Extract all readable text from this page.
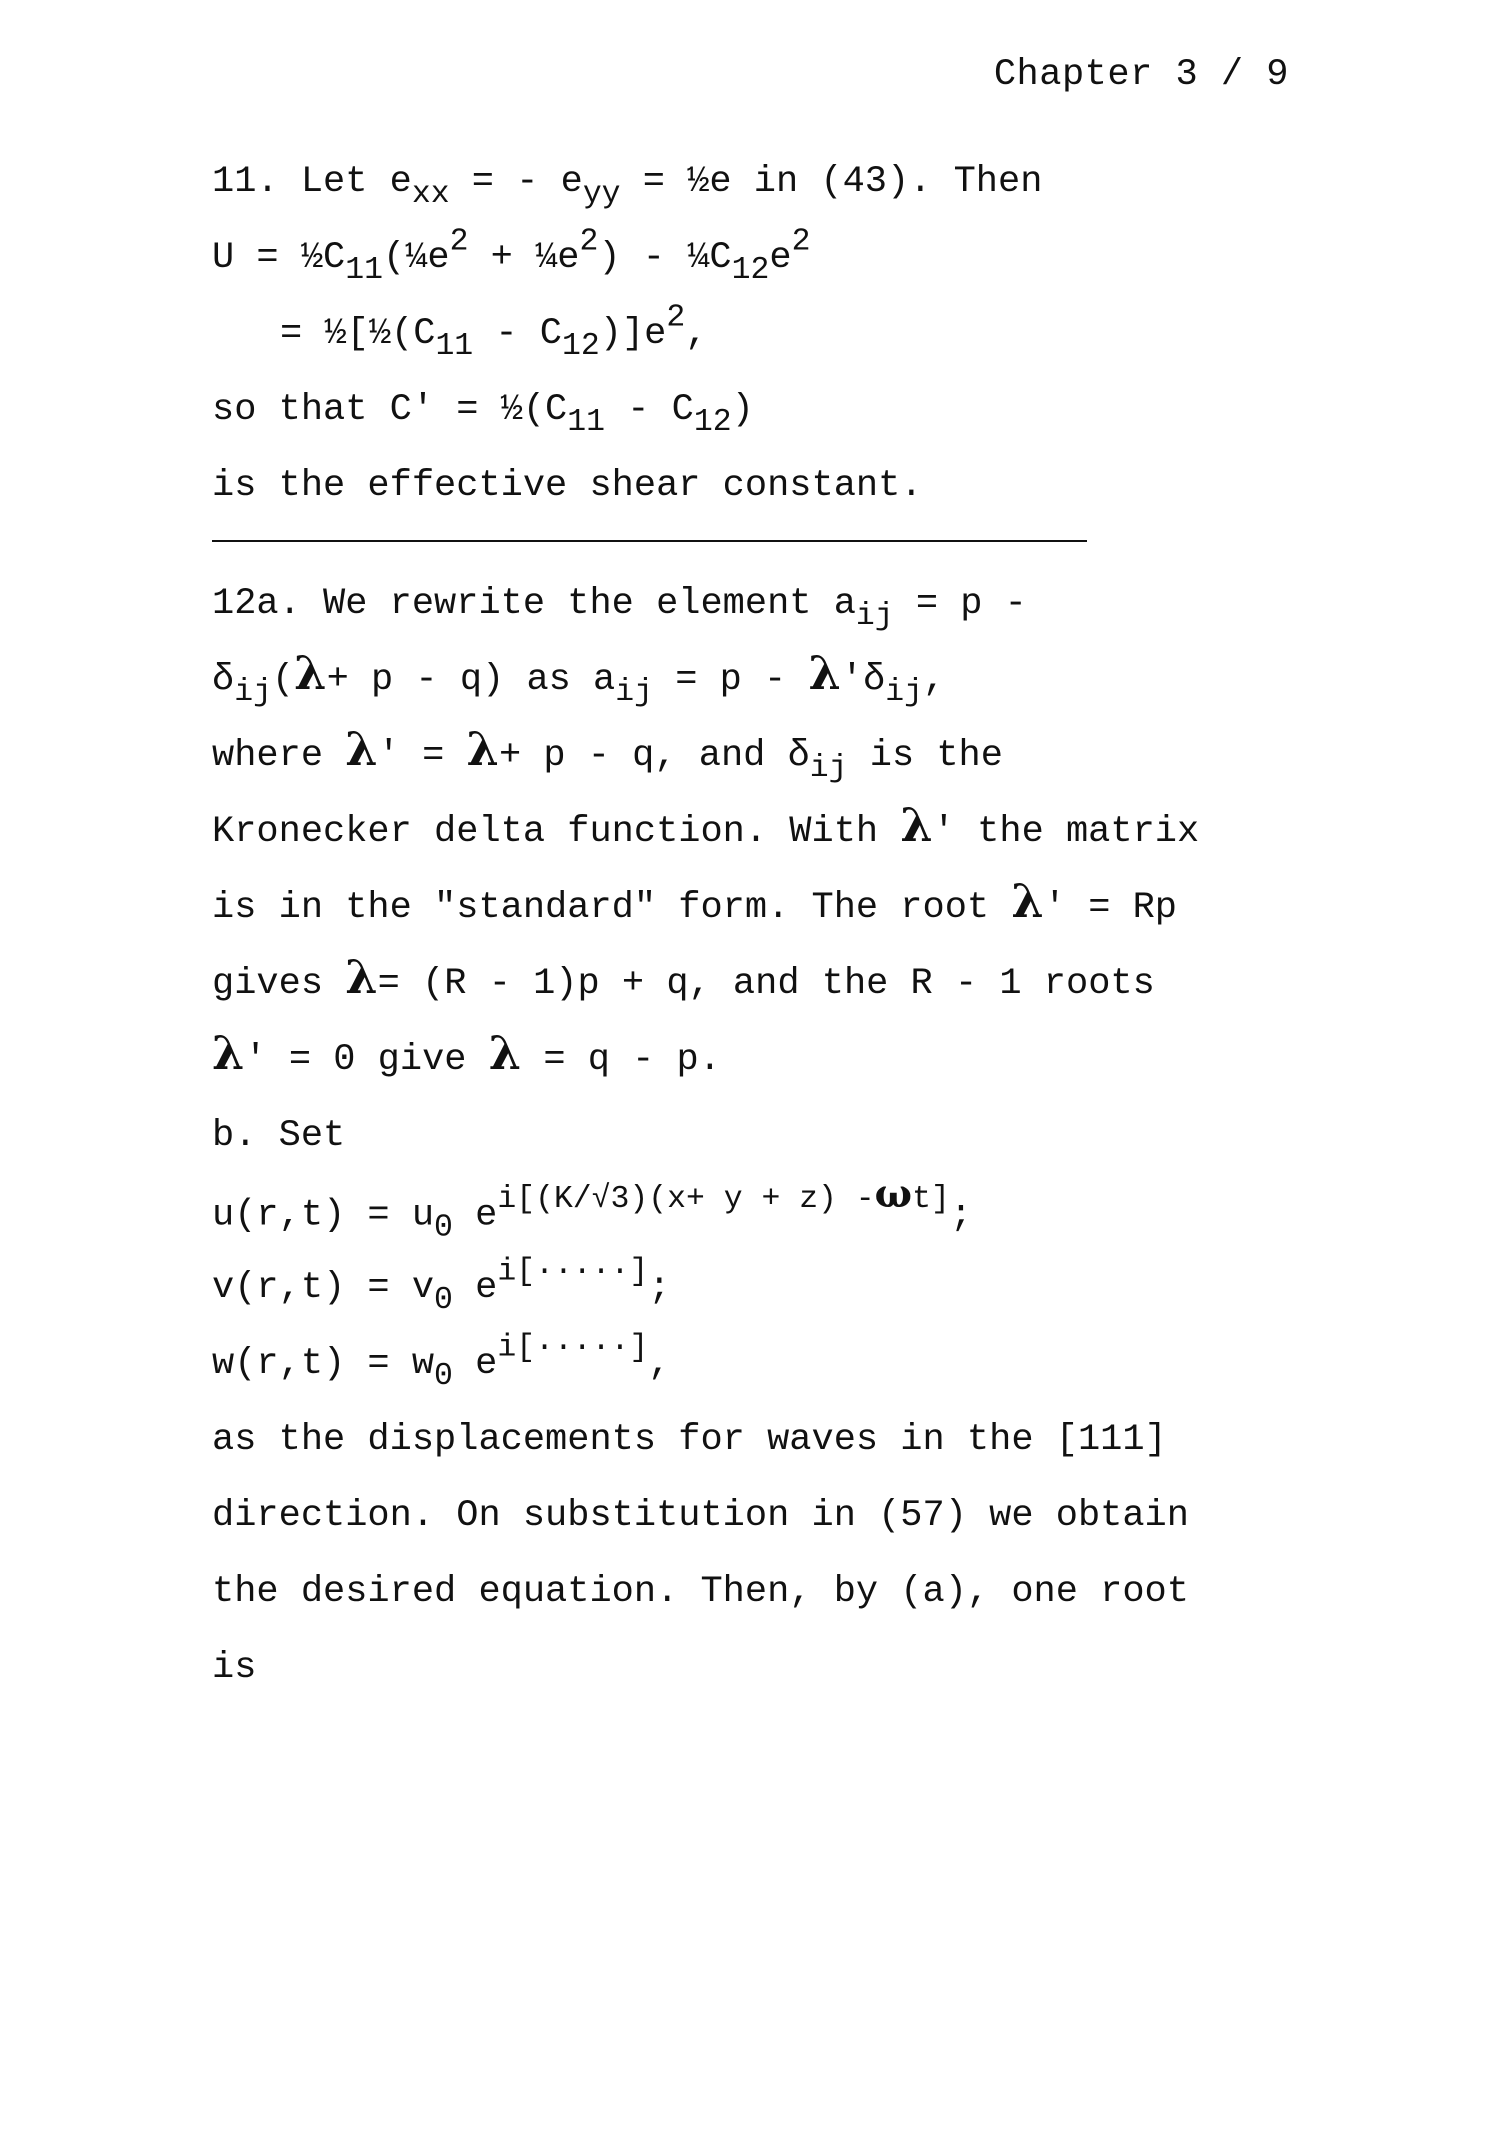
Chapter 3 / 9
11. Let $e_{xx}$ = - $e_{yy}$ = ½e in (43). Then
$U = \frac{1}{2}C_{11}(\frac{1}{4}e^2$ + $\frac{1}{4}e^2$) - $\frac{1}{4}C_{12}e^2$
= $\frac{1}{2}[\frac{1}{2}(C_{11} - C_{12})]e^2$,
so that $C' = \frac{1}{2}(C_{11} - C_{12})$
is the effective shear constant.
12a. We rewrite the element $a_{ij} = p$ -
$\delta_{ij}(\lambda+ p - q)$ as $a_{ij} = p - \lambda'\delta_{ij}$,
where λ′ = λ+ p - q, and $\delta_{ij}$ is the
Kronecker delta function. With λ′ the matrix
is in the "standard" form. The root λ′ = Rp
gives λ= (R - 1)p + q, and the R - 1 roots
λ′ = 0 give λ = q - p.
b. Set
$u(r,t) = u_0$ $e^{i[(K/√3)(x+ y + z) -\omega t]}$;
$v(r,t) = v_0$ $e^{i[\cdot\cdot\cdot\cdot\cdot]}$;
$w(r,t) = w_0$ $e^{i[\cdot\cdot\cdot\cdot\cdot]}$,
as the displacements for waves in the [111]
direction. On substitution in (57) we obtain
the desired equation. Then, by (a), one root
is
